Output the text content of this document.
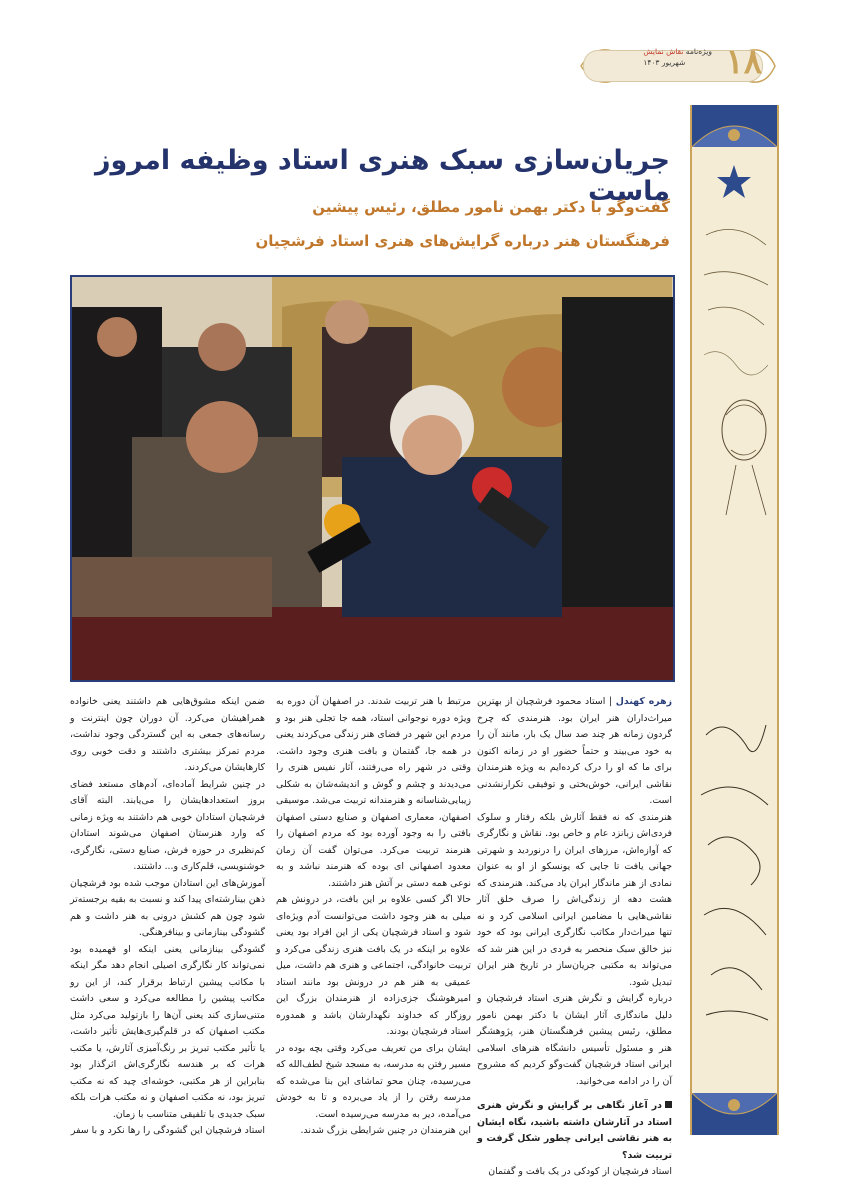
ویژه‌نامه نقاش نمایش
شهریور ۱۴۰۳	۱۸
جریان‌سازی سبک هنری استاد وظیفه امروز ماست
گفت‌وگو با دکتر بهمن نامور مطلق، رئیس پیشین
فرهنگستان هنر درباره گرایش‌های هنری استاد فرشچیان

زهره کهندل | استاد محمود فرشچیان از بهترین میراث‌داران هنر ایران بود. هنرمندی که چرخ گردون زمانه هر چند صد سال یک بار، مانند آن را به خود می‌بیند و حتماً حضور او در زمانه اکنون برای ما که او را درک کرده‌ایم به ویژه هنرمندان نقاشی ایرانی، خوش‌بختی و توفیقی تکرارنشدنی است.

هنرمندی که نه فقط آثارش بلکه رفتار و سلوک فردی‌اش زبانزد عام و خاص بود. نقاش و نگارگری که آوازه‌اش، مرزهای ایران را درنوردید و شهرتی جهانی یافت تا جایی که یونسکو از او به عنوان نمادی از هنر ماندگار ایران یاد می‌کند. هنرمندی که هشت دهه از زندگی‌اش را صرف خلق آثار نقاشی‌هایی با مضامین ایرانی اسلامی کرد و نه تنها میراث‌دار مکاتب نگارگری ایرانی بود که خود نیز خالق سبک منحصر به فردی در این هنر شد که می‌تواند به مکتبی جریان‌ساز در تاریخ هنر ایران تبدیل شود.

درباره گرایش و نگرش هنری استاد فرشچیان و دلیل ماندگاری آثار ایشان با دکتر بهمن نامور مطلق، رئیس پیشین فرهنگستان هنر، پژوهشگر هنر و مسئول تأسیس دانشگاه هنرهای اسلامی ایرانی استاد فرشچیان گفت‌وگو کردیم که مشروح آن را در ادامه می‌خوانید.

در آغاز نگاهی بر گرایش و نگرش هنری استاد در آثارشان داشته باشید، نگاه ایشان به هنر نقاشی ایرانی چطور شکل گرفت و تربیت شد؟

استاد فرشچیان از کودکی در یک بافت و گفتمان

مرتبط با هنر تربیت شدند. در اصفهان آن دوره به ویژه دوره نوجوانی استاد، همه جا تجلی هنر بود و مردم این شهر در فضای هنر زندگی می‌کردند یعنی در همه جا، گفتمان و بافت هنری وجود داشت. وقتی در شهر راه می‌رفتند، آثار نفیس هنری را می‌دیدند و چشم و گوش و اندیشه‌شان به شکلی زیبایی‌شناسانه و هنرمندانه تربیت می‌شد. موسیقی اصفهان، معماری اصفهان و صنایع دستی اصفهان بافتی را به وجود آورده بود که مردم اصفهان را هنرمند تربیت می‌کرد. می‌توان گفت آن زمان معدود اصفهانی ای بوده که هنرمند نباشد و به نوعی همه دستی بر آتش هنر داشتند.

حالا اگر کسی علاوه بر این بافت، در درونش هم میلی به هنر وجود داشت می‌توانست آدم ویژه‌ای شود و استاد فرشچیان یکی از این افراد بود یعنی علاوه بر اینکه در یک بافت هنری زندگی می‌کرد و تربیت خانوادگی، اجتماعی و هنری هم داشت، میل عمیقی به هنر هم در درونش بود مانند استاد امیرهوشنگ جزی‌زاده از هنرمندان بزرگ این روزگار که خداوند نگهدارشان باشد و همدوره استاد فرشچیان بودند.

ایشان برای من تعریف می‌کرد وقتی بچه بوده در مسیر رفتن به مدرسه، به مسجد شیخ لطف‌الله که می‌رسیده، چنان محو تماشای این بنا می‌شده که مدرسه رفتن را از یاد می‌برده و تا به خودش می‌آمده، دیر به مدرسه می‌رسیده است.

این هنرمندان در چنین شرایطی بزرگ شدند.

ضمن اینکه مشوق‌هایی هم داشتند یعنی خانواده همراهیشان می‌کرد. آن دوران چون اینترنت و رسانه‌های جمعی به این گستردگی وجود نداشت، مردم تمرکز بیشتری داشتند و دقت خوبی روی کارهایشان می‌کردند.

در چنین شرایط آماده‌ای، آدم‌های مستعد فضای بروز استعدادهایشان را می‌یابند. البته آقای فرشچیان استادان خوبی هم داشتند به ویژه زمانی که وارد هنرستان اصفهان می‌شوند استادان کم‌نظیری در حوزه فرش، صنایع دستی، نگارگری، خوشنویسی، قلم‌کاری و... داشتند.

آموزش‌های این استادان موجب شده بود فرشچیان ذهن بینارشته‌ای پیدا کند و نسبت به بقیه برجسته‌تر شود چون هم کشش درونی به هنر داشت و هم گشودگی بینازمانی و بینافرهنگی.

گشودگی بینازمانی یعنی اینکه او فهمیده بود نمی‌تواند کار نگارگری اصیلی انجام دهد مگر اینکه با مکاتب پیشین ارتباط برقرار کند، از این رو مکاتب پیشین را مطالعه می‌کرد و سعی داشت متنی‌سازی کند یعنی آن‌ها را بازتولید می‌کرد مثل مکتب اصفهان که در قلم‌گیری‌هایش تأثیر داشت، یا تأثیر مکتب تبریز بر رنگ‌آمیزی آثارش، یا مکتب هرات که بر هندسه نگارگری‌اش اثرگذار بود بنابراین از هر مکتبی، خوشه‌ای چید که نه مکتب تبریز بود، نه مکتب اصفهان و نه مکتب هرات بلکه سبک جدیدی با تلفیقی متناسب با زمان.

استاد فرشچیان این گشودگی را رها نکرد و با سفر
